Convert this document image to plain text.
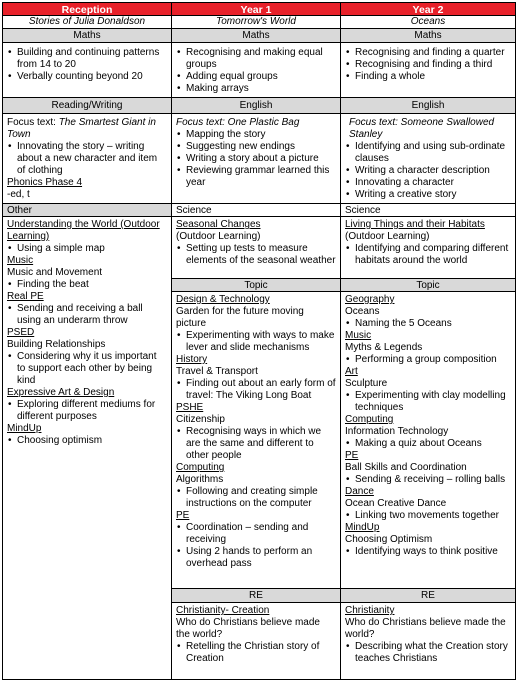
Reception
Stories of Julia Donaldson
Maths
• Building and continuing patterns from 14 to 20
• Verbally counting beyond 20
Reading/Writing

Focus text: The Smartest Giant in Town

• Innovating the story – writing about a new character and item of clothing

Phonics Phase 4

-ed, t

Other

Understanding the World (Outdoor Learning)

• Using a simple map

Music

Music and Movement

• Finding the beat

Real PE

• Sending and receiving a ball using an underarm throw

PSED

Building Relationships

• Considering why it us important to support each other by being kind

Expressive Art & Design

• Exploring different mediums for different purposes

MindUp

• Choosing optimism
Year 1
Tomorrow's World
Maths
• Recognising and making equal groups
• Adding equal groups
• Making arrays
English

Focus text: One Plastic Bag

• Mapping the story
• Suggesting new endings
• Writing a story about a picture
• Reviewing grammar learned this year
Science

Seasonal Changes

(Outdoor Learning)

• Setting up tests to measure elements of the seasonal weather
Topic

Design & Technology

Garden for the future moving picture

• Experimenting with ways to make lever and slide mechanisms

History

Travel & Transport

• Finding out about an early form of travel: The Viking Long Boat

PSHE

Citizenship

• Recognising ways in which we are the same and different to other people

Computing

Algorithms

• Following and creating simple instructions on the computer

PE

• Coordination – sending and receiving
• Using 2 hands to perform an overhead pass
RE

Christianity- Creation

Who do Christians believe made the world?

• Retelling the Christian story of Creation
Year 2
Oceans
Maths
• Recognising and finding a quarter
• Recognising and finding a third
• Finding a whole
English

Focus text: Someone Swallowed Stanley

• Identifying and using sub-ordinate clauses
• Writing a character description
• Innovating a character
• Writing a creative story
Science

Living Things and their Habitats

(Outdoor Learning)

• Identifying and comparing different habitats around the world
Topic

Geography

Oceans

• Naming the 5 Oceans

Music

Myths & Legends

• Performing a group composition

Art

Sculpture

• Experimenting with clay modelling techniques

Computing

Information Technology

• Making a quiz about Oceans

PE

Ball Skills and Coordination

• Sending & receiving – rolling balls

Dance

Ocean Creative Dance

• Linking two movements together

MindUp

Choosing Optimism

• Identifying ways to think positive
RE

Christianity

Who do Christians believe made the world?

• Describing what the Creation story teaches Christians
